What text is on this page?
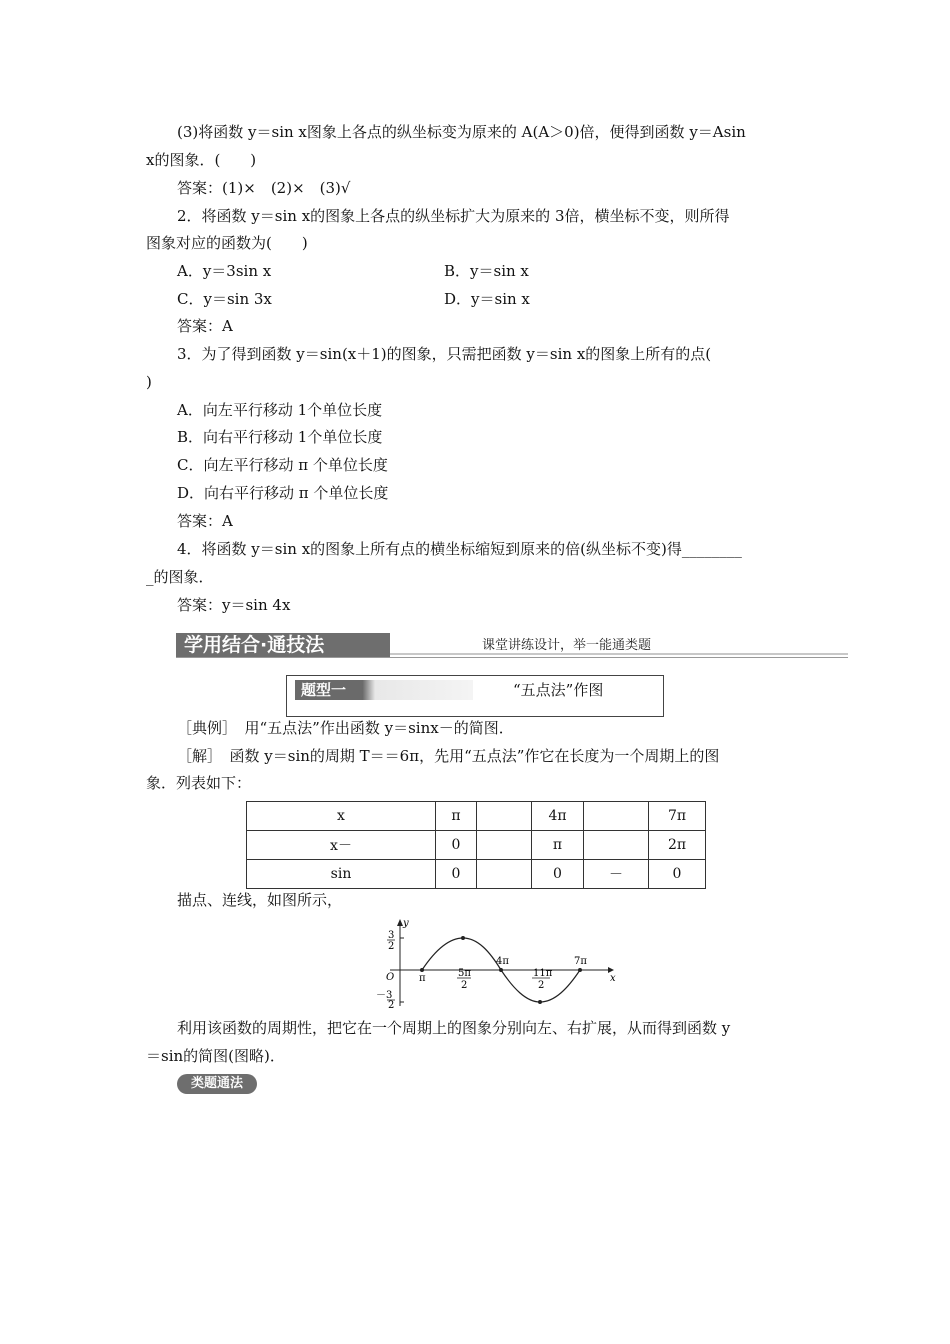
(3)将函数 y＝sin x图象上各点的纵坐标变为原来的 A(A＞0)倍，便得到函数 y＝Asin
x的图象．(　　)
答案：(1)×　(2)×　(3)√
2．将函数 y＝sin x的图象上各点的纵坐标扩大为原来的 3倍，横坐标不变，则所得
图象对应的函数为(　　)
A．y＝3sin x	B．y＝sin x
C．y＝sin 3x	D．y＝sin x
答案：A
3．为了得到函数 y＝sin(x＋1)的图象，只需把函数 y＝sin x的图象上所有的点(
)
A．向左平行移动 1个单位长度
B．向右平行移动 1个单位长度
C．向左平行移动 π 个单位长度
D．向右平行移动 π 个单位长度
答案：A
4．将函数 y＝sin x的图象上所有点的横坐标缩短到原来的倍(纵坐标不变)得________
_的图象．
答案：y＝sin 4x
学用结合·通技法	课堂讲练设计，举一能通类题
题型一	“五点法”作图
［典例］　用“五点法”作出函数 y＝sinx－的简图．
［解］　函数 y＝sin的周期 T＝＝6π，先用“五点法”作它在长度为一个周期上的图
象．列表如下：
x	π		4π		7π
x－	0		π		2π
sin	0		0	－	0
描点、连线，如图所示，
y
x
O
3
2
－3
2
π	5π
2
4π
11π
2
7π
利用该函数的周期性，把它在一个周期上的图象分别向左、右扩展，从而得到函数 y
＝sin的简图(图略)．
类题通法
